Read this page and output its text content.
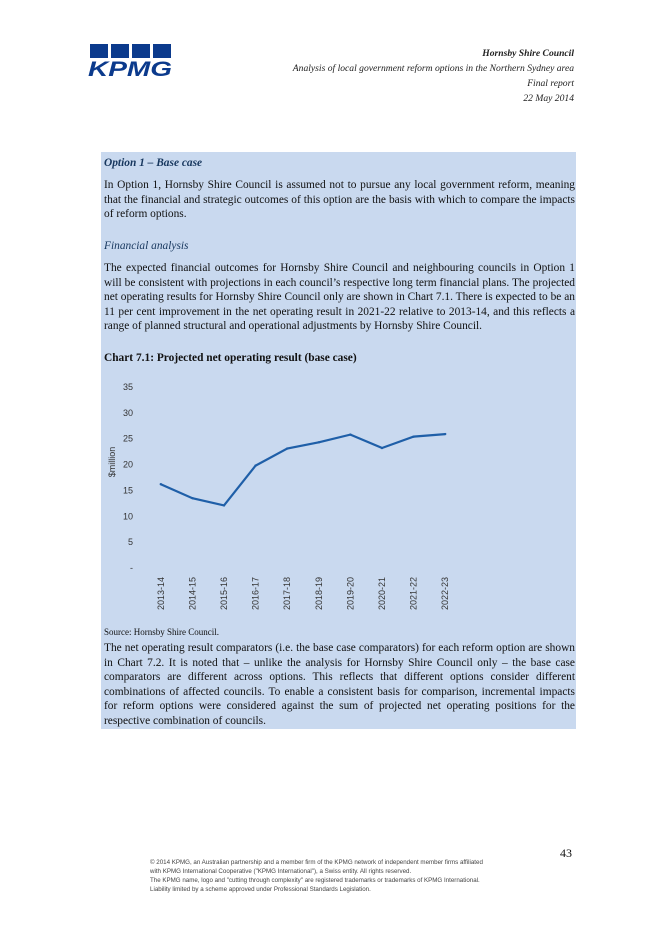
KPMG
Hornsby Shire Council
Analysis of local government reform options in the Northern Sydney area
Final report
22 May 2014

Option 1 – Base case

In Option 1, Hornsby Shire Council is assumed not to pursue any local government reform, meaning that the financial and strategic outcomes of this option are the basis with which to compare the impacts of reform options.

Financial analysis

The expected financial outcomes for Hornsby Shire Council and neighbouring councils in Option 1 will be consistent with projections in each council’s respective long term financial plans. The projected net operating results for Hornsby Shire Council only are shown in Chart 7.1. There is expected to be an 11 per cent improvement in the net operating result in 2021-22 relative to 2013-14, and this reflects a range of planned structural and operational adjustments by Hornsby Shire Council.

Chart 7.1: Projected net operating result (base case)

$million
-
5
10
15
20
25
30
35
2013-14 2014-15 2015-16 2016-17 2017-18 2018-19 2019-20 2020-21 2021-22 2022-23

Source: Hornsby Shire Council.

The net operating result comparators (i.e. the base case comparators) for each reform option are shown in Chart 7.2. It is noted that – unlike the analysis for Hornsby Shire Council only – the base case comparators are different across options. This reflects that different options consider different combinations of affected councils. To enable a consistent basis for comparison, incremental impacts for reform options were considered against the sum of projected net operating positions for the respective combination of councils.

43
© 2014 KPMG, an Australian partnership and a member firm of the KPMG network of independent member firms affiliated
with KPMG International Cooperative ("KPMG International"), a Swiss entity. All rights reserved.
The KPMG name, logo and "cutting through complexity" are registered trademarks or trademarks of KPMG International.
Liability limited by a scheme approved under Professional Standards Legislation.
